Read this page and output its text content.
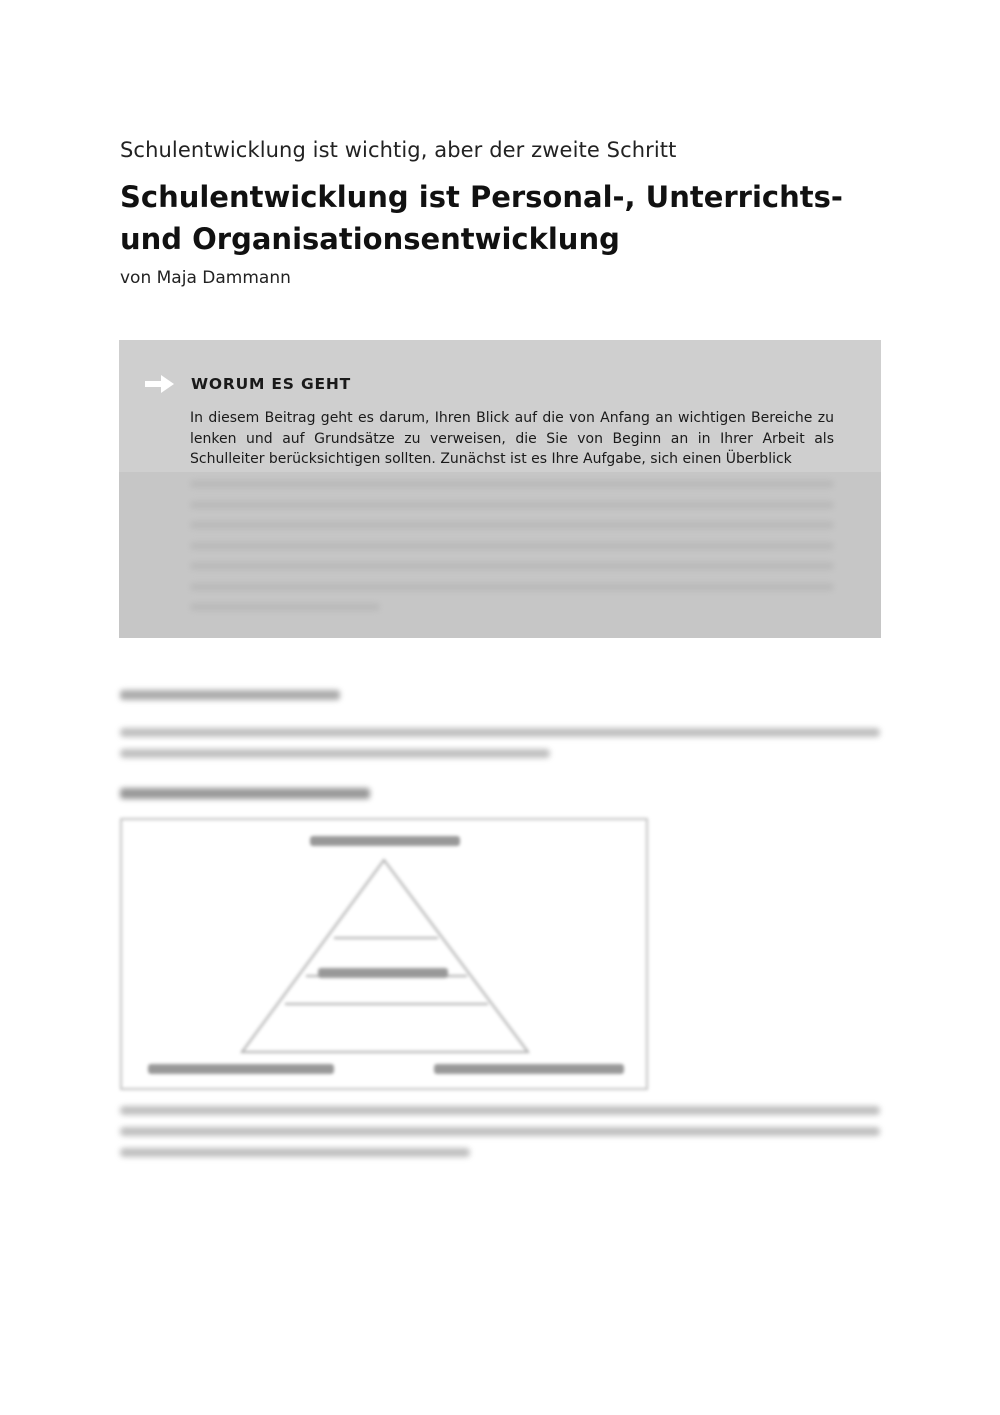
Schulentwicklung ist wichtig, aber der zweite Schritt
Schulentwicklung ist Personal-, Unterrichts- und Organisationsentwicklung
von Maja Dammann
WORUM ES GEHT
In diesem Beitrag geht es darum, Ihren Blick auf die von Anfang an wichtigen Bereiche zu lenken und auf Grundsätze zu verweisen, die Sie von Beginn an in Ihrer Arbeit als Schulleiter berücksichtigen sollten. Zunächst ist es Ihre Aufgabe, sich einen Überblick
